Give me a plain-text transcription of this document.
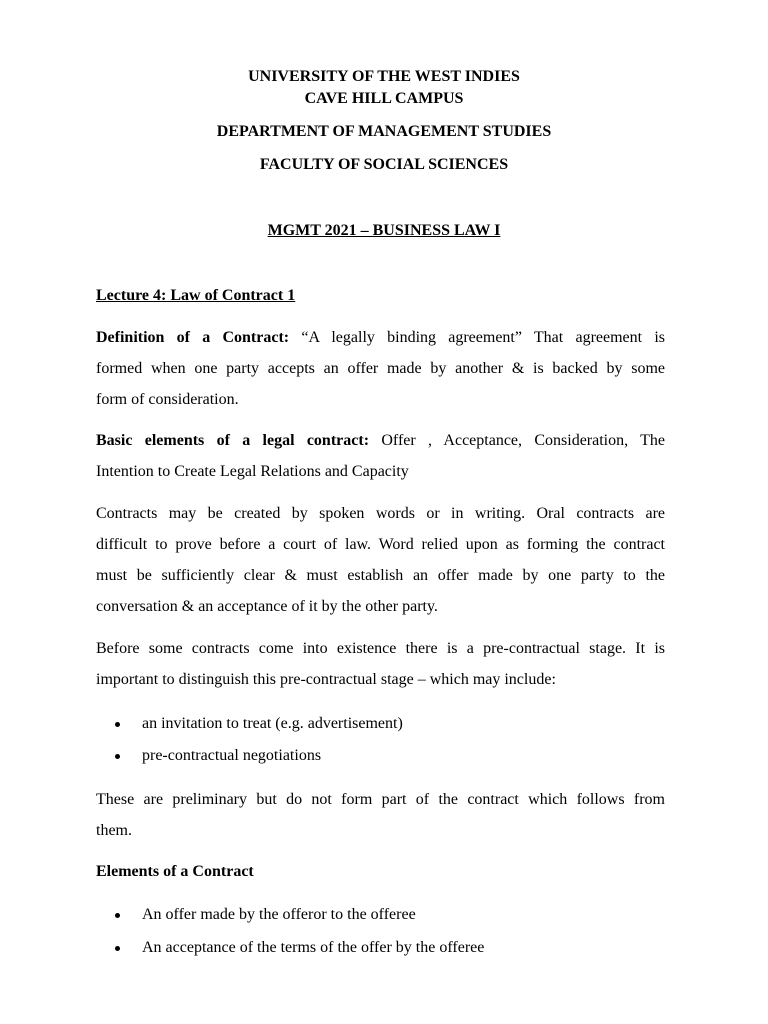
UNIVERSITY OF THE WEST INDIES
CAVE HILL CAMPUS
DEPARTMENT OF MANAGEMENT STUDIES
FACULTY OF SOCIAL SCIENCES
MGMT 2021 – BUSINESS LAW I
Lecture 4: Law of Contract 1
Definition of a Contract: “A legally binding agreement” That agreement is
formed when one party accepts an offer made by another & is backed by some
form of consideration.
Basic elements of a legal contract: Offer , Acceptance, Consideration, The
Intention to Create Legal Relations and Capacity
Contracts may be created by spoken words or in writing. Oral contracts are
difficult to prove before a court of law. Word relied upon as forming the contract
must be sufficiently clear & must establish an offer made by one party to the
conversation & an acceptance of it by the other party.
Before some contracts come into existence there is a pre-contractual stage. It is
important to distinguish this pre-contractual stage – which may include:
an invitation to treat (e.g. advertisement)
pre-contractual negotiations
These are preliminary but do not form part of the contract which follows from
them.
Elements of a Contract
An offer made by the offeror to the offeree
An acceptance of the terms of the offer by the offeree
